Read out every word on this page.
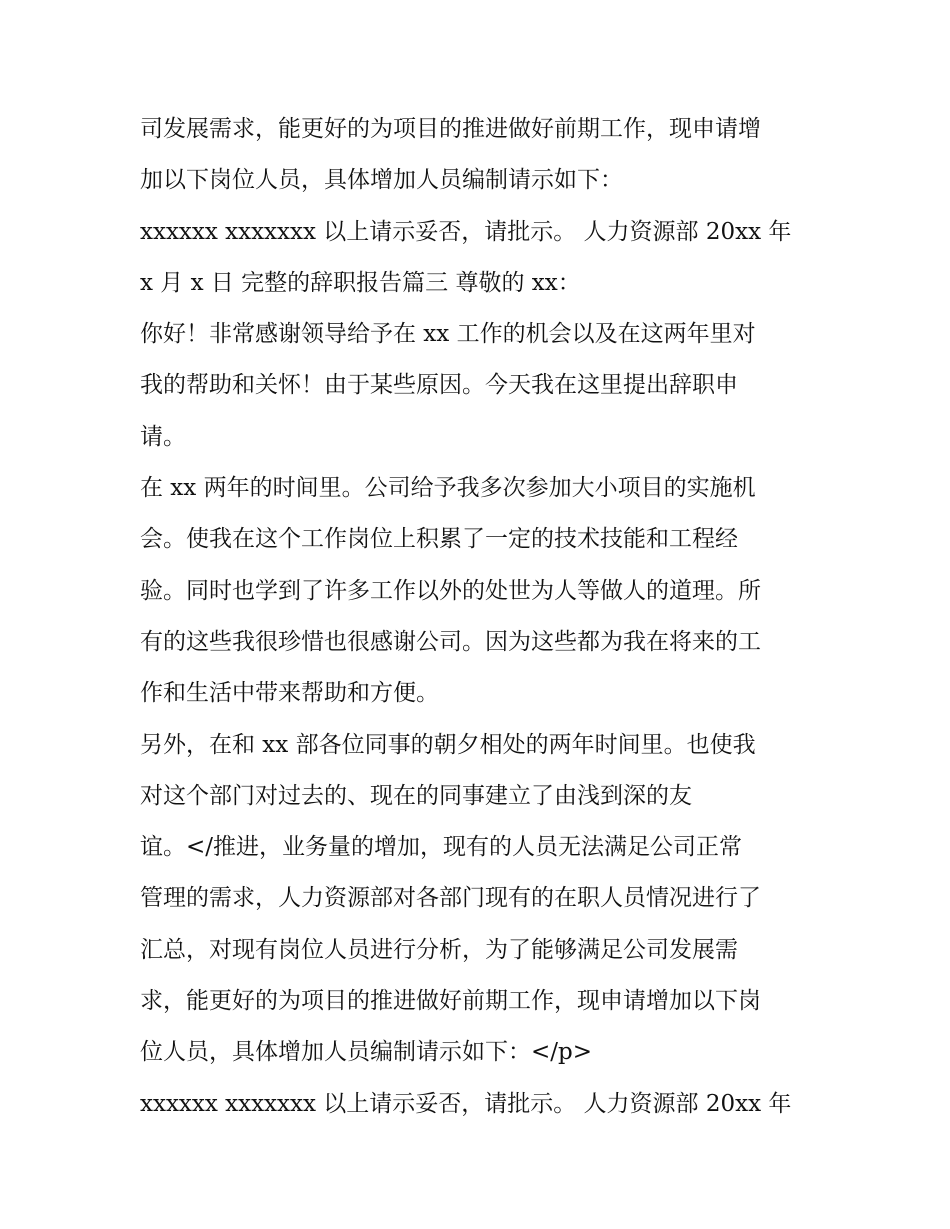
司发展需求，能更好的为项目的推进做好前期工作，现申请增
加以下岗位人员，具体增加人员编制请示如下：
xxxxxx xxxxxxx 以上请示妥否，请批示。 人力资源部 20xx 年
x 月 x 日 完整的辞职报告篇三 尊敬的 xx：
你好！非常感谢领导给予在 xx 工作的机会以及在这两年里对
我的帮助和关怀！由于某些原因。今天我在这里提出辞职申
请。
在 xx 两年的时间里。公司给予我多次参加大小项目的实施机
会。使我在这个工作岗位上积累了一定的技术技能和工程经
验。同时也学到了许多工作以外的处世为人等做人的道理。所
有的这些我很珍惜也很感谢公司。因为这些都为我在将来的工
作和生活中带来帮助和方便。
另外，在和 xx 部各位同事的朝夕相处的两年时间里。也使我
对这个部门对过去的、现在的同事建立了由浅到深的友
谊。</推进，业务量的增加，现有的人员无法满足公司正常
管理的需求，人力资源部对各部门现有的在职人员情况进行了
汇总，对现有岗位人员进行分析，为了能够满足公司发展需
求，能更好的为项目的推进做好前期工作，现申请增加以下岗
位人员，具体增加人员编制请示如下：</p>
xxxxxx xxxxxxx 以上请示妥否，请批示。 人力资源部 20xx 年
